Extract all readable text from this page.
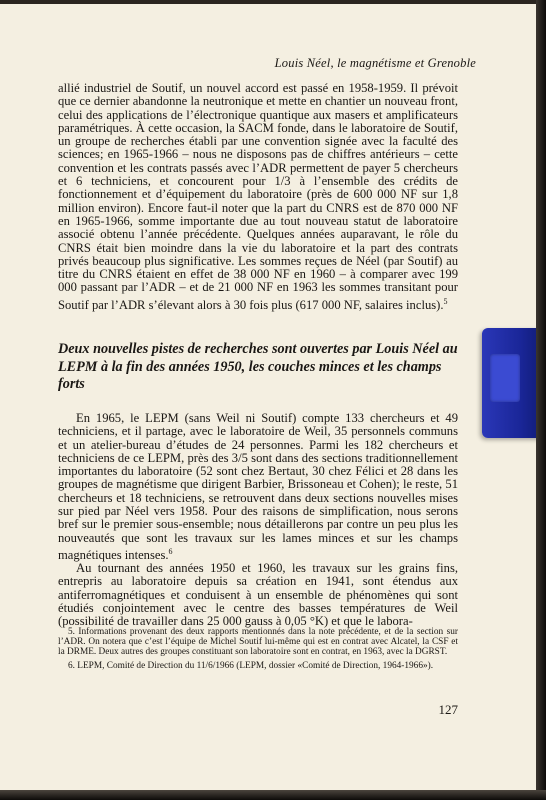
Louis Néel, le magnétisme et Grenoble

allié industriel de Soutif, un nouvel accord est passé en 1958-1959. Il prévoit que ce dernier abandonne la neutronique et mette en chantier un nouveau front, celui des applications de l’électronique quantique aux masers et amplificateurs paramétriques. À cette occasion, la SACM fonde, dans le laboratoire de Soutif, un groupe de recherches établi par une convention signée avec la faculté des sciences; en 1965-1966 – nous ne disposons pas de chiffres antérieurs – cette convention et les contrats passés avec l’ADR permettent de payer 5 chercheurs et 6 techniciens, et concourent pour 1/3 à l’ensemble des crédits de fonctionnement et d’équipement du laboratoire (près de 600 000 NF sur 1,8 million environ). Encore faut-il noter que la part du CNRS est de 870 000 NF en 1965-1966, somme importante due au tout nouveau statut de laboratoire associé obtenu l’année précédente. Quelques années auparavant, le rôle du CNRS était bien moindre dans la vie du laboratoire et la part des contrats privés beaucoup plus significative. Les sommes reçues de Néel (par Soutif) au titre du CNRS étaient en effet de 38 000 NF en 1960 – à comparer avec 199 000 passant par l’ADR – et de 21 000 NF en 1963 les sommes transitant pour Soutif par l’ADR s’élevant alors à 30 fois plus (617 000 NF, salaires inclus).$^5$

Deux nouvelles pistes de recherches sont ouvertes par Louis Néel au LEPM à la fin des années 1950, les couches minces et les champs forts

En 1965, le LEPM (sans Weil ni Soutif) compte 133 chercheurs et 49 techniciens, et il partage, avec le laboratoire de Weil, 35 personnels communs et un atelier-bureau d’études de 24 personnes. Parmi les 182 chercheurs et techniciens de ce LEPM, près des 3/5 sont dans des sections traditionnellement importantes du laboratoire (52 sont chez Bertaut, 30 chez Félici et 28 dans les groupes de magnétisme que dirigent Barbier, Brissoneau et Cohen); le reste, 51 chercheurs et 18 techniciens, se retrouvent dans deux sections nouvelles mises sur pied par Néel vers 1958. Pour des raisons de simplification, nous serons bref sur le premier sous-ensemble; nous détaillerons par contre un peu plus les nouveautés que sont les travaux sur les lames minces et sur les champs magnétiques intenses.$^6$

Au tournant des années 1950 et 1960, les travaux sur les grains fins, entrepris au laboratoire depuis sa création en 1941, sont étendus aux antiferromagnétiques et conduisent à un ensemble de phénomènes qui sont étudiés conjointement avec le centre des basses températures de Weil (possibilité de travailler dans 25 000 gauss à 0,05 °K) et que le labora-

5. Informations provenant des deux rapports mentionnés dans la note précédente, et de la section sur l’ADR. On notera que c’est l’équipe de Michel Soutif lui-même qui est en contrat avec Alcatel, la CSF et la DRME. Deux autres des groupes constituant son laboratoire sont en contrat, en 1963, avec la DGRST.

6. LEPM, Comité de Direction du 11/6/1966 (LEPM, dossier «Comité de Direction, 1964-1966»).

127
